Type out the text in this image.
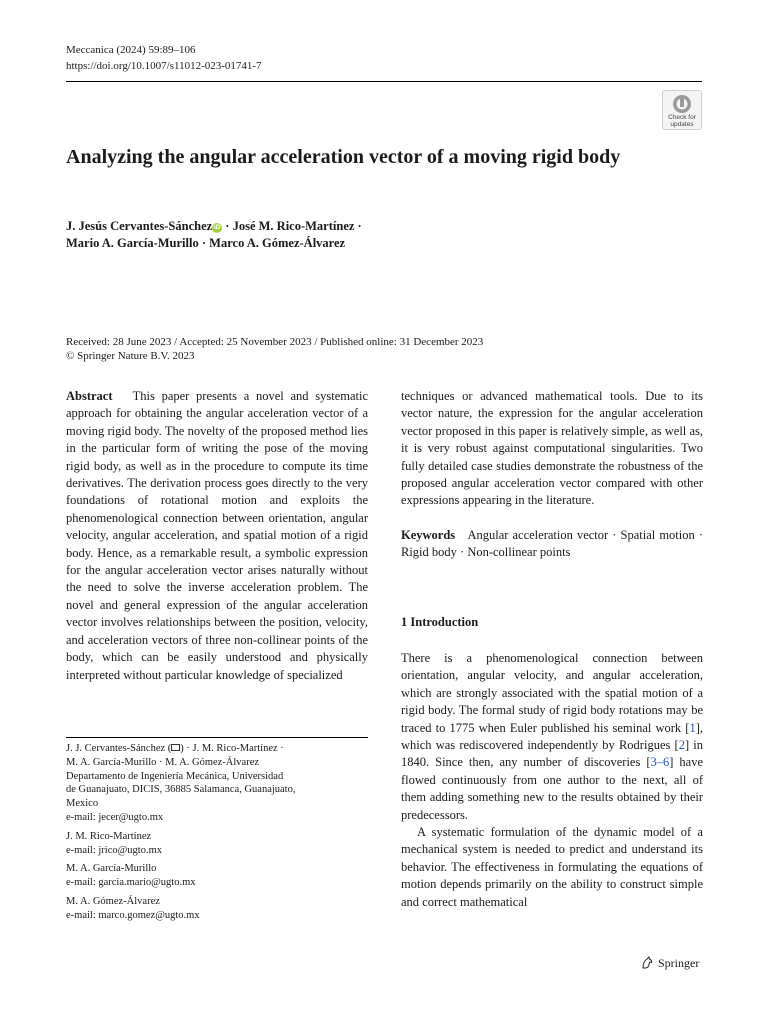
Meccanica (2024) 59:89–106
https://doi.org/10.1007/s11012-023-01741-7
Check for
updates
Analyzing the angular acceleration vector of a moving rigid body
J. Jesús Cervantes-Sánchez iD · José M. Rico-Martínez ·
Mario A. García-Murillo · Marco A. Gómez-Álvarez
Received: 28 June 2023 / Accepted: 25 November 2023 / Published online: 31 December 2023
© Springer Nature B.V. 2023

Abstract This paper presents a novel and systematic approach for obtaining the angular acceleration vector of a moving rigid body. The novelty of the proposed method lies in the particular form of writing the pose of the moving rigid body, as well as in the procedure to compute its time derivatives. The derivation process goes directly to the very foundations of rotational motion and exploits the phenomenological connection between orientation, angular velocity, angular acceleration, and spatial motion of a rigid body. Hence, as a remarkable result, a symbolic expression for the angular acceleration vector arises naturally without the need to solve the inverse acceleration problem. The novel and general expression of the angular acceleration vector involves relationships between the position, velocity, and acceleration vectors of three non-collinear points of the body, which can be easily understood and physically interpreted without particular knowledge of specialized

techniques or advanced mathematical tools. Due to its vector nature, the expression for the angular acceleration vector proposed in this paper is relatively simple, as well as, it is very robust against computational singularities. Two fully detailed case studies demonstrate the robustness of the proposed angular acceleration vector compared with other expressions appearing in the literature.

Keywords Angular acceleration vector · Spatial motion · Rigid body · Non-collinear points

1 Introduction

There is a phenomenological connection between orientation, angular velocity, and angular acceleration, which are strongly associated with the spatial motion of a rigid body. The formal study of rigid body rotations may be traced to 1775 when Euler published his seminal work [1], which was rediscovered independently by Rodrigues [2] in 1840. Since then, any number of discoveries [3–6] have flowed continuously from one author to the next, all of them adding something new to the results obtained by their predecessors.

A systematic formulation of the dynamic model of a mechanical system is needed to predict and understand its behavior. The effectiveness in formulating the equations of motion depends primarily on the ability to construct simple and correct mathematical

J. J. Cervantes-Sánchez ( ) · J. M. Rico-Martínez ·
M. A. García-Murillo · M. A. Gómez-Álvarez
Departamento de Ingeniería Mecánica, Universidad
de Guanajuato, DICIS, 36885 Salamanca, Guanajuato,
Mexico
e-mail: jecer@ugto.mx
J. M. Rico-Martínez
e-mail: jrico@ugto.mx
M. A. García-Murillo
e-mail: garcia.mario@ugto.mx
M. A. Gómez-Álvarez
e-mail: marco.gomez@ugto.mx
Springer
